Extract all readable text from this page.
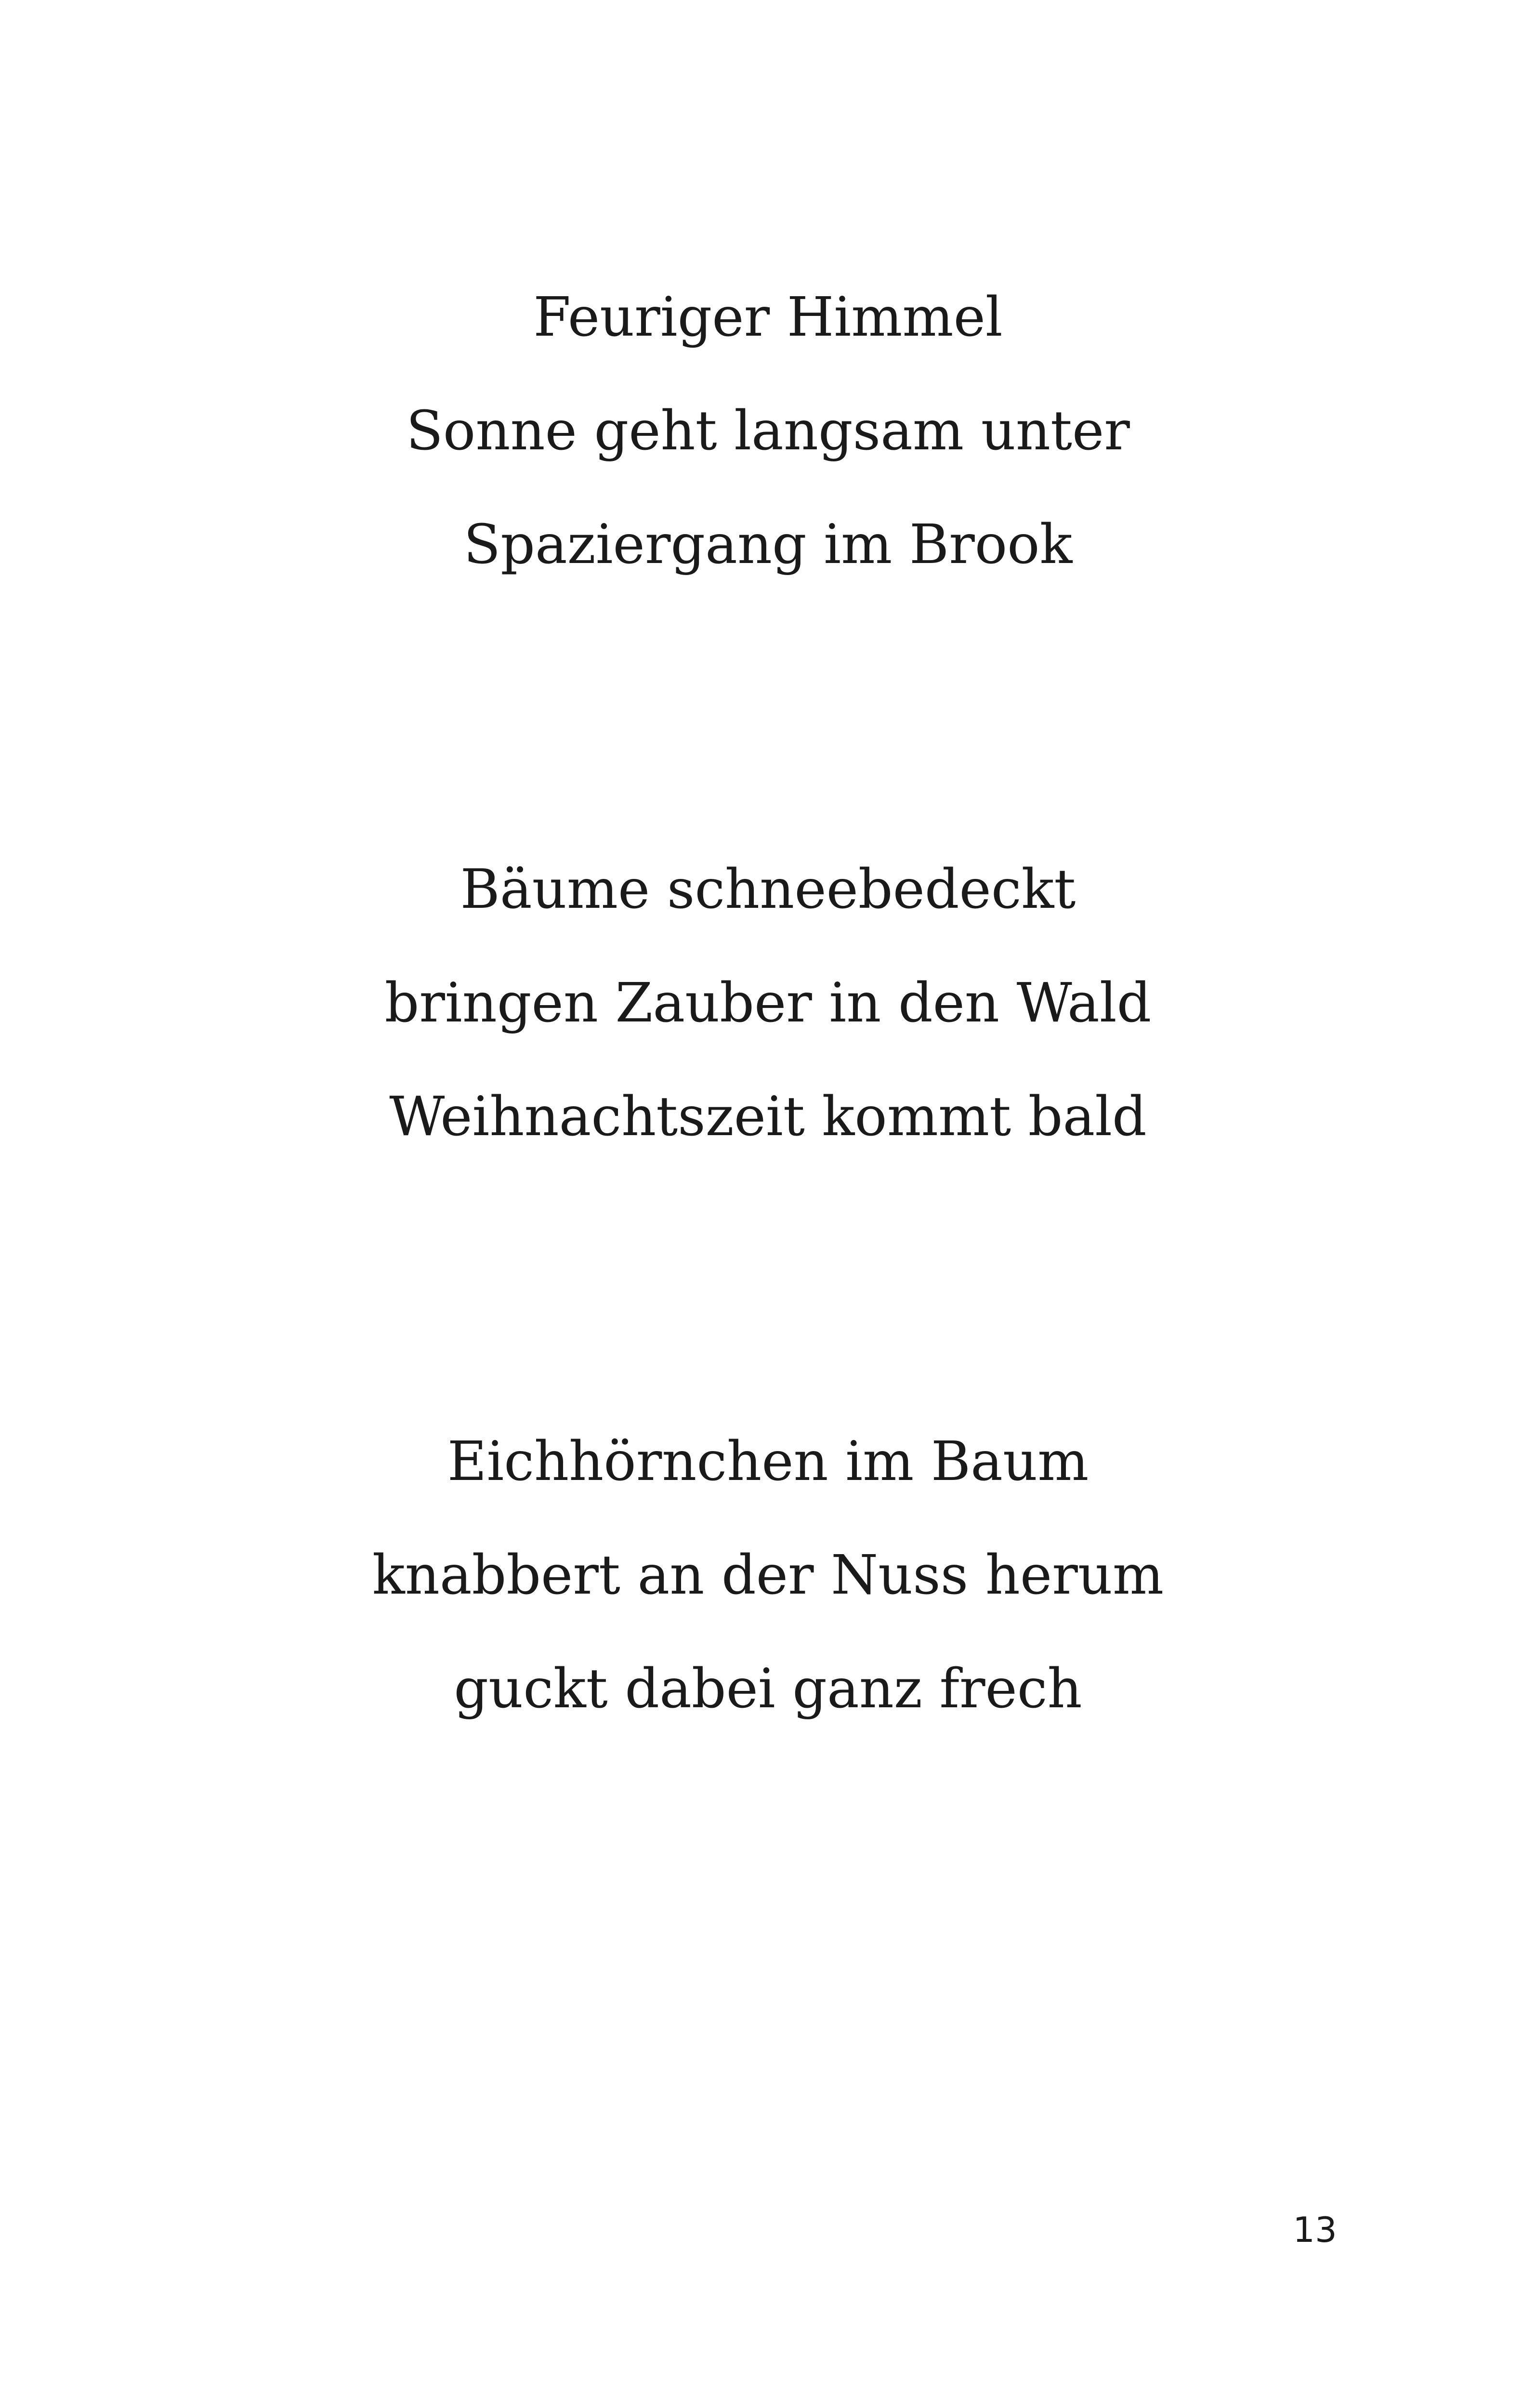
Feuriger Himmel
Sonne geht langsam unter
Spaziergang im Brook
Bäume schneebedeckt
bringen Zauber in den Wald
Weihnachtszeit kommt bald
Eichhörnchen im Baum
knabbert an der Nuss herum
guckt dabei ganz frech
13
